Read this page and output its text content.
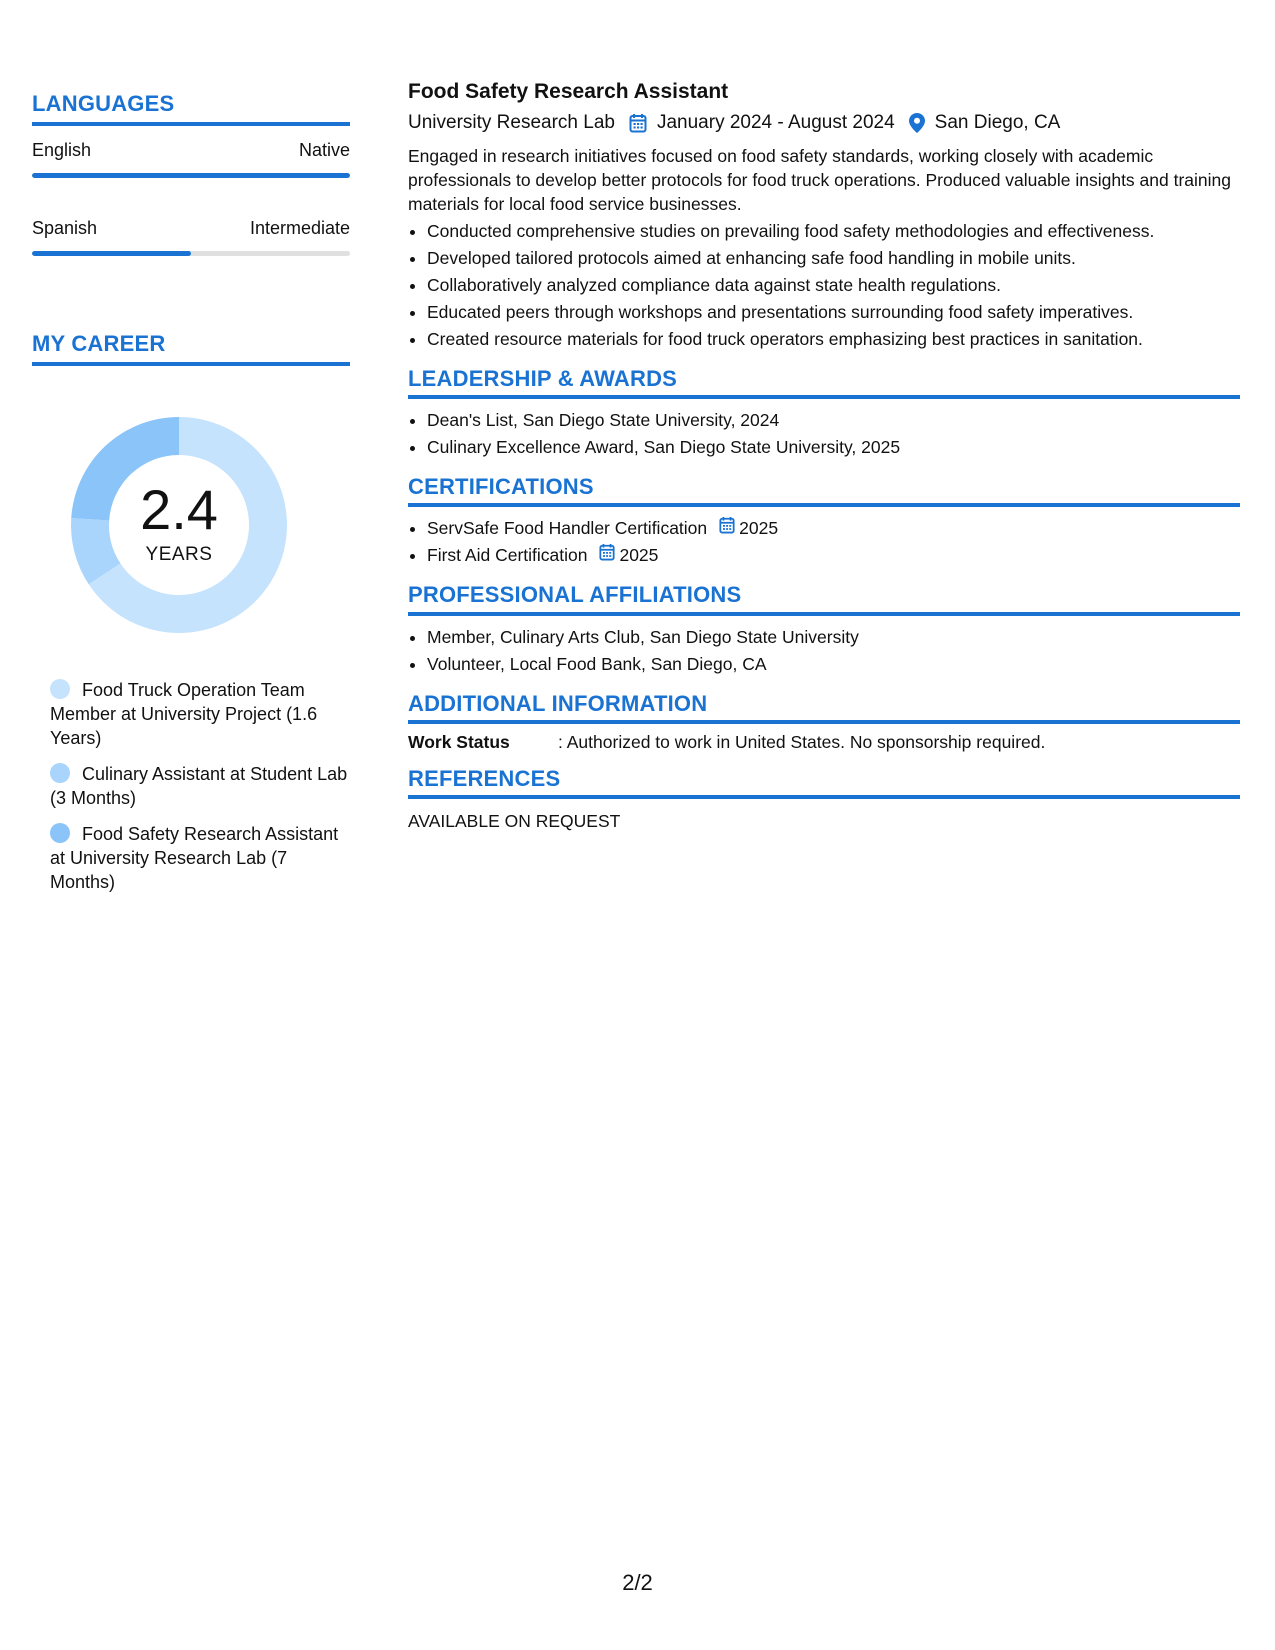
LANGUAGES
English	Native
Spanish	Intermediate
MY CAREER
2.4
YEARS
Food Truck Operation Team Member at University Project (1.6 Years)
Culinary Assistant at Student Lab (3 Months)
Food Safety Research Assistant at University Research Lab (7 Months)
Food Safety Research Assistant
University Research Lab January 2024 - August 2024 San Diego, CA
Engaged in research initiatives focused on food safety standards, working closely with academic professionals to develop better protocols for food truck operations. Produced valuable insights and training materials for local food service businesses.
• Conducted comprehensive studies on prevailing food safety methodologies and effectiveness.
• Developed tailored protocols aimed at enhancing safe food handling in mobile units.
• Collaboratively analyzed compliance data against state health regulations.
• Educated peers through workshops and presentations surrounding food safety imperatives.
• Created resource materials for food truck operators emphasizing best practices in sanitation.
LEADERSHIP & AWARDS
• Dean's List, San Diego State University, 2024
• Culinary Excellence Award, San Diego State University, 2025
CERTIFICATIONS
• ServSafe Food Handler Certification 2025
• First Aid Certification 2025
PROFESSIONAL AFFILIATIONS
• Member, Culinary Arts Club, San Diego State University
• Volunteer, Local Food Bank, San Diego, CA
ADDITIONAL INFORMATION
Work Status	: Authorized to work in United States. No sponsorship required.
REFERENCES
AVAILABLE ON REQUEST
2/2
